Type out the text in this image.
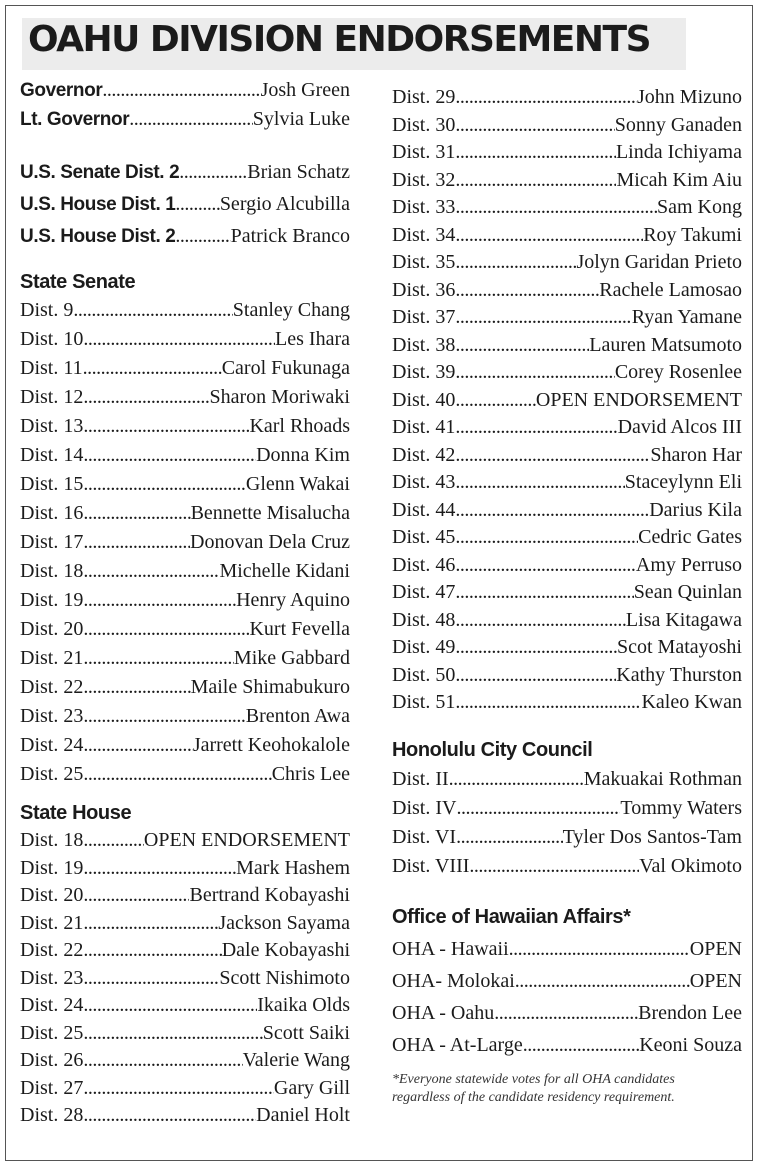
OAHU DIVISION ENDORSEMENTS
Governor .....	Josh Green
Lt. Governor .....	Sylvia Luke
U.S. Senate Dist. 2 .....	Brian Schatz
U.S. House Dist. 1 ..... Sergio Alcubilla
U.S. House Dist. 2 .....	Patrick Branco
State Senate
Dist. 9 .....	Stanley Chang
Dist. 10 .....	Les Ihara
Dist. 11 .....	Carol Fukunaga
Dist. 12 .....	Sharon Moriwaki
Dist. 13 .....	Karl Rhoads
Dist. 14 .....	Donna Kim
Dist. 15 .....	Glenn Wakai
Dist. 16 .....	Bennette Misalucha
Dist. 17 .....	Donovan Dela Cruz
Dist. 18 .....	Michelle Kidani
Dist. 19 .....	Henry Aquino
Dist. 20 .....	Kurt Fevella
Dist. 21 .....	Mike Gabbard
Dist. 22 .....	Maile Shimabukuro
Dist. 23 .....	Brenton Awa
Dist. 24 .....	Jarrett Keohokalole
Dist. 25 .....	Chris Lee
State House
Dist. 18 .....	OPEN ENDORSEMENT
Dist. 19 .....	Mark Hashem
Dist. 20 .....	Bertrand Kobayashi
Dist. 21 .....	Jackson Sayama
Dist. 22 .....	Dale Kobayashi
Dist. 23 .....	Scott Nishimoto
Dist. 24 .....	Ikaika Olds
Dist. 25 .....	Scott Saiki
Dist. 26 .....	Valerie Wang
Dist. 27 .....	Gary Gill
Dist. 28 .....	Daniel Holt
Dist. 29 .....	John Mizuno
Dist. 30 .....	Sonny Ganaden
Dist. 31 .....	Linda Ichiyama
Dist. 32 .....	Micah Kim Aiu
Dist. 33 .....	Sam Kong
Dist. 34 .....	Roy Takumi
Dist. 35 .....	Jolyn Garidan Prieto
Dist. 36 .....	Rachele Lamosao
Dist. 37 .....	Ryan Yamane
Dist. 38 .....	Lauren Matsumoto
Dist. 39 .....	Corey Rosenlee
Dist. 40 .....	OPEN ENDORSEMENT
Dist. 41 .....	David Alcos III
Dist. 42 .....	Sharon Har
Dist. 43 .....	Staceylynn Eli
Dist. 44 .....	Darius Kila
Dist. 45 .....	Cedric Gates
Dist. 46 .....	Amy Perruso
Dist. 47 .....	Sean Quinlan
Dist. 48 .....	Lisa Kitagawa
Dist. 49 .....	Scot Matayoshi
Dist. 50 .....	Kathy Thurston
Dist. 51 .....	Kaleo Kwan
Honolulu City Council
Dist. II .....	Makuakai Rothman
Dist. IV .....	Tommy Waters
Dist. VI .....	Tyler Dos Santos-Tam
Dist. VIII .....	Val Okimoto
Office of Hawaiian Affairs*
OHA - Hawaii .....	OPEN
OHA- Molokai .....	OPEN
OHA - Oahu .....	Brendon Lee
OHA - At-Large .....	Keoni Souza
*Everyone statewide votes for all OHA candidates regardless of the candidate residency requirement.
